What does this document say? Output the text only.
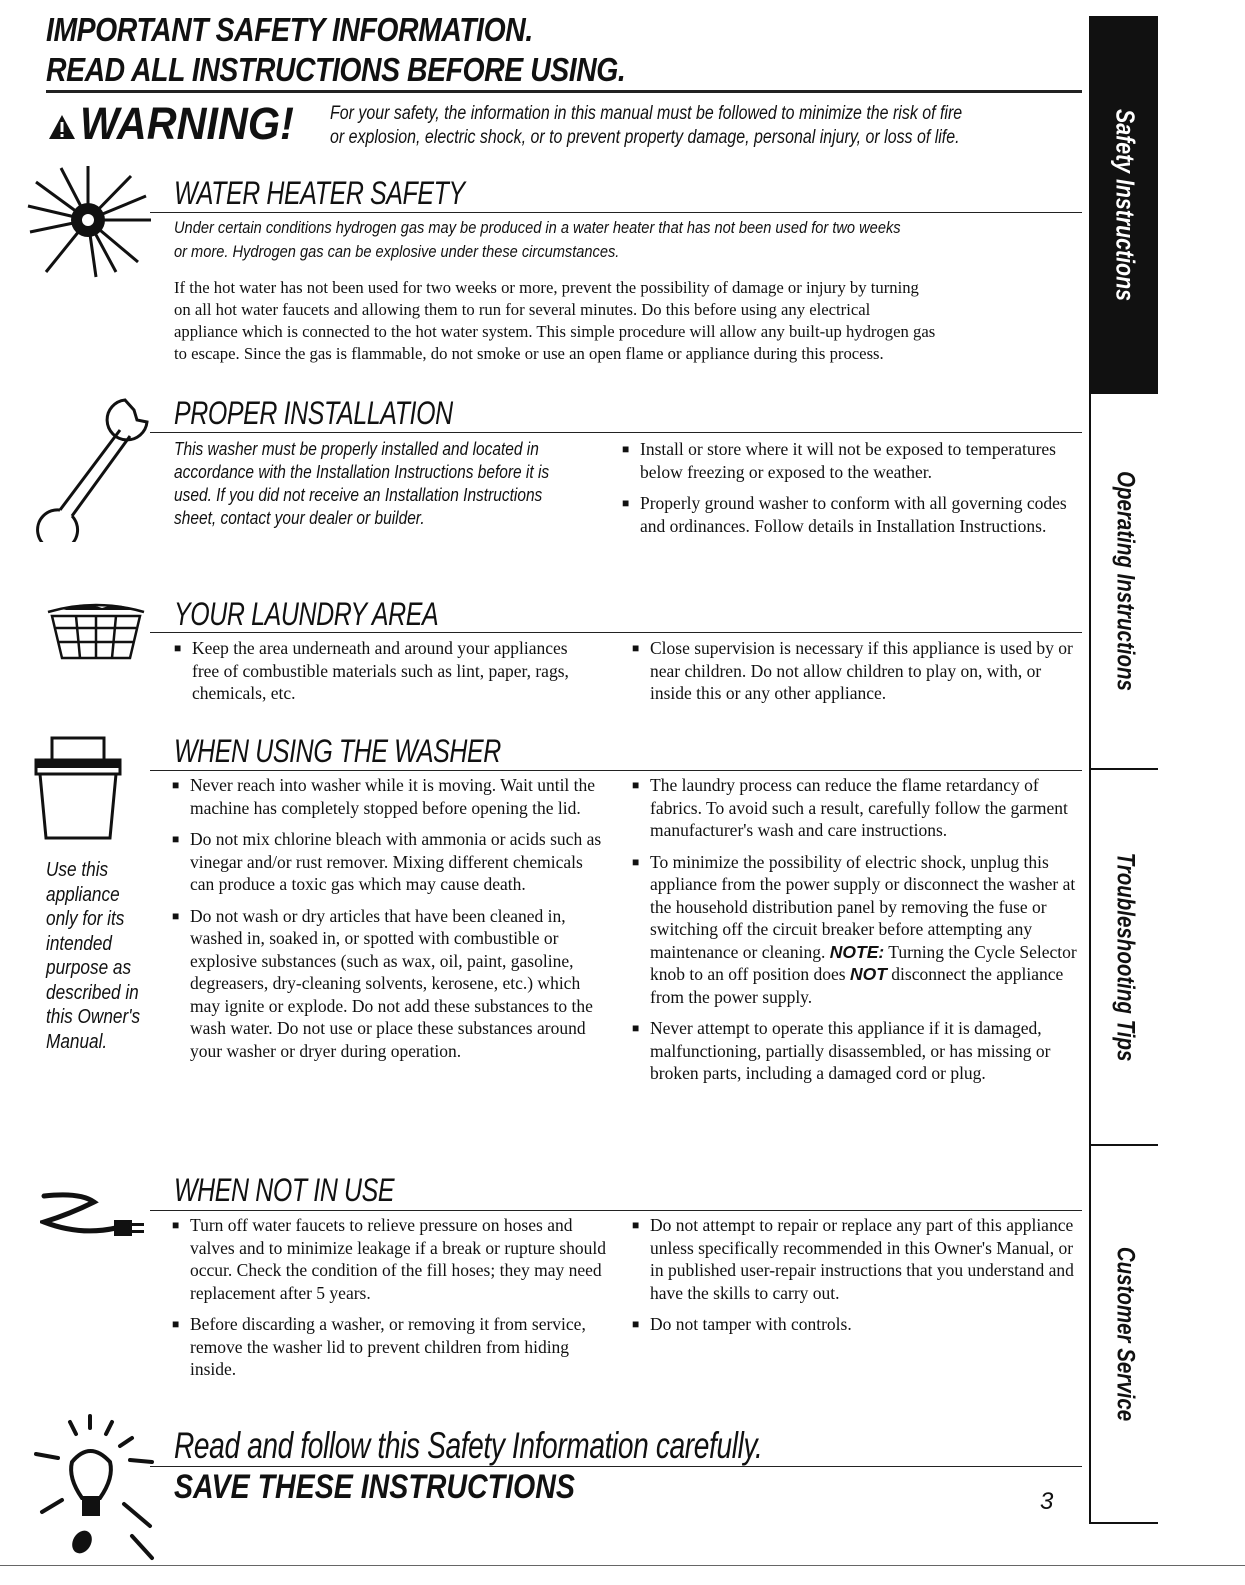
IMPORTANT SAFETY INFORMATION.
READ ALL INSTRUCTIONS BEFORE USING.
WARNING! For your safety, the information in this manual must be followed to minimize the risk of fire
or explosion, electric shock, or to prevent property damage, personal injury, or loss of life.
WATER HEATER SAFETY
Under certain conditions hydrogen gas may be produced in a water heater that has not been used for two weeks
or more. Hydrogen gas can be explosive under these circumstances.
If the hot water has not been used for two weeks or more, prevent the possibility of damage or injury by turning
on all hot water faucets and allowing them to run for several minutes. Do this before using any electrical
appliance which is connected to the hot water system. This simple procedure will allow any built-up hydrogen gas
to escape. Since the gas is flammable, do not smoke or use an open flame or appliance during this process.
PROPER INSTALLATION
This washer must be properly installed and located in
accordance with the Installation Instructions before it is
used. If you did not receive an Installation Instructions
sheet, contact your dealer or builder.
■ Install or store where it will not be exposed to temperatures below freezing or exposed to the weather.
■ Properly ground washer to conform with all governing codes and ordinances. Follow details in Installation Instructions.
YOUR LAUNDRY AREA
■ Keep the area underneath and around your appliances free of combustible materials such as lint, paper, rags, chemicals, etc.
■ Close supervision is necessary if this appliance is used by or near children. Do not allow children to play on, with, or inside this or any other appliance.
WHEN USING THE WASHER
Use this
appliance
only for its
intended
purpose as
described in
this Owner's
Manual.
■ Never reach into washer while it is moving. Wait until the machine has completely stopped before opening the lid.
■ Do not mix chlorine bleach with ammonia or acids such as vinegar and/or rust remover. Mixing different chemicals can produce a toxic gas which may cause death.
■ Do not wash or dry articles that have been cleaned in, washed in, soaked in, or spotted with combustible or explosive substances (such as wax, oil, paint, gasoline, degreasers, dry-cleaning solvents, kerosene, etc.) which may ignite or explode. Do not add these substances to the wash water. Do not use or place these substances around your washer or dryer during operation.
■ The laundry process can reduce the flame retardancy of fabrics. To avoid such a result, carefully follow the garment manufacturer's wash and care instructions.
■ To minimize the possibility of electric shock, unplug this appliance from the power supply or disconnect the washer at the household distribution panel by removing the fuse or switching off the circuit breaker before attempting any maintenance or cleaning. NOTE: Turning the Cycle Selector knob to an off position does NOT disconnect the appliance from the power supply.
■ Never attempt to operate this appliance if it is damaged, malfunctioning, partially disassembled, or has missing or broken parts, including a damaged cord or plug.
WHEN NOT IN USE
■ Turn off water faucets to relieve pressure on hoses and valves and to minimize leakage if a break or rupture should occur. Check the condition of the fill hoses; they may need replacement after 5 years.
■ Before discarding a washer, or removing it from service, remove the washer lid to prevent children from hiding inside.
■ Do not attempt to repair or replace any part of this appliance unless specifically recommended in this Owner's Manual, or in published user-repair instructions that you understand and have the skills to carry out.
■ Do not tamper with controls.
Read and follow this Safety Information carefully.
SAVE THESE INSTRUCTIONS	3
Safety Instructions
Operating Instructions
Troubleshooting Tips
Customer Service
